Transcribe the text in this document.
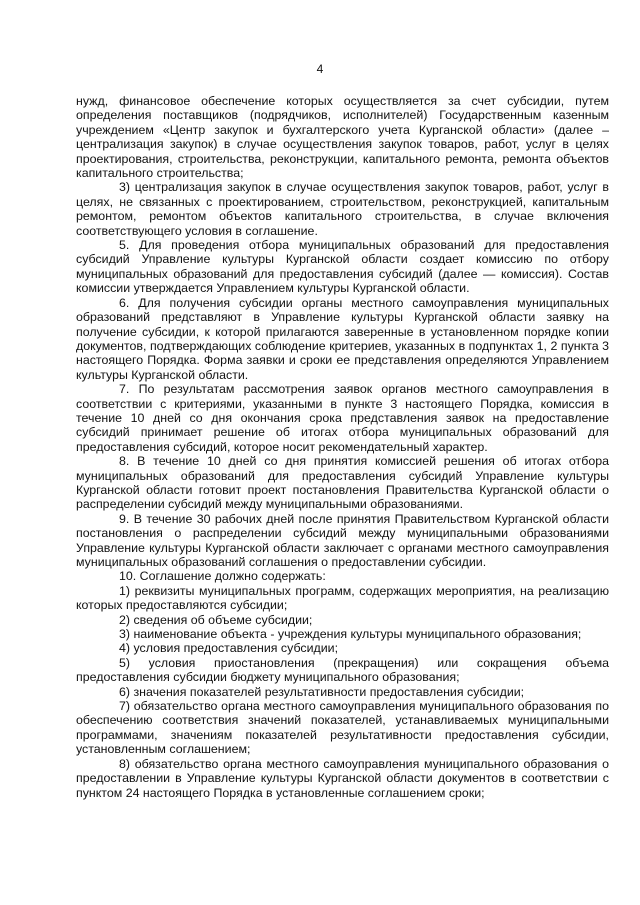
4

нужд, финансовое обеспечение которых осуществляется за счет субсидии, путем определения поставщиков (подрядчиков, исполнителей) Государственным казенным учреждением «Центр закупок и бухгалтерского учета Курганской области» (далее – централизация закупок) в случае осуществления закупок товаров, работ, услуг в целях проектирования, строительства, реконструкции, капитального ремонта, ремонта объектов капитального строительства;

3) централизация закупок в случае осуществления закупок товаров, работ, услуг в целях, не связанных с проектированием, строительством, реконструкцией, капитальным ремонтом, ремонтом объектов капитального строительства, в случае включения соответствующего условия в соглашение.

5. Для проведения отбора муниципальных образований для предоставления субсидий Управление культуры Курганской области создает комиссию по отбору муниципальных образований для предоставления субсидий (далее — комиссия). Состав комиссии утверждается Управлением культуры Курганской области.

6. Для получения субсидии органы местного самоуправления муниципальных образований представляют в Управление культуры Курганской области заявку на получение субсидии, к которой прилагаются заверенные в установленном порядке копии документов, подтверждающих соблюдение критериев, указанных в подпунктах 1, 2 пункта 3 настоящего Порядка. Форма заявки и сроки ее представления определяются Управлением культуры Курганской области.

7. По результатам рассмотрения заявок органов местного самоуправления в соответствии с критериями, указанными в пункте 3 настоящего Порядка, комиссия в течение 10 дней со дня окончания срока представления заявок на предоставление субсидий принимает решение об итогах отбора муниципальных образований для предоставления субсидий, которое носит рекомендательный характер.

8. В течение 10 дней со дня принятия комиссией решения об итогах отбора муниципальных образований для предоставления субсидий Управление культуры Курганской области готовит проект постановления Правительства Курганской области о распределении субсидий между муниципальными образованиями.

9. В течение 30 рабочих дней после принятия Правительством Курганской области постановления о распределении субсидий между муниципальными образованиями Управление культуры Курганской области заключает с органами местного самоуправления муниципальных образований соглашения о предоставлении субсидии.

10. Соглашение должно содержать:

1) реквизиты муниципальных программ, содержащих мероприятия, на реализацию которых предоставляются субсидии;

2) сведения об объеме субсидии;

3) наименование объекта - учреждения культуры муниципального образования;

4) условия предоставления субсидии;

5) условия приостановления (прекращения) или сокращения объема предоставления субсидии бюджету муниципального образования;

6) значения показателей результативности предоставления субсидии;

7) обязательство органа местного самоуправления муниципального образования по обеспечению соответствия значений показателей, устанавливаемых муниципальными программами, значениям показателей результативности предоставления субсидии, установленным соглашением;

8) обязательство органа местного самоуправления муниципального образования о предоставлении в Управление культуры Курганской области документов в соответствии с пунктом 24 настоящего Порядка в установленные соглашением сроки;
